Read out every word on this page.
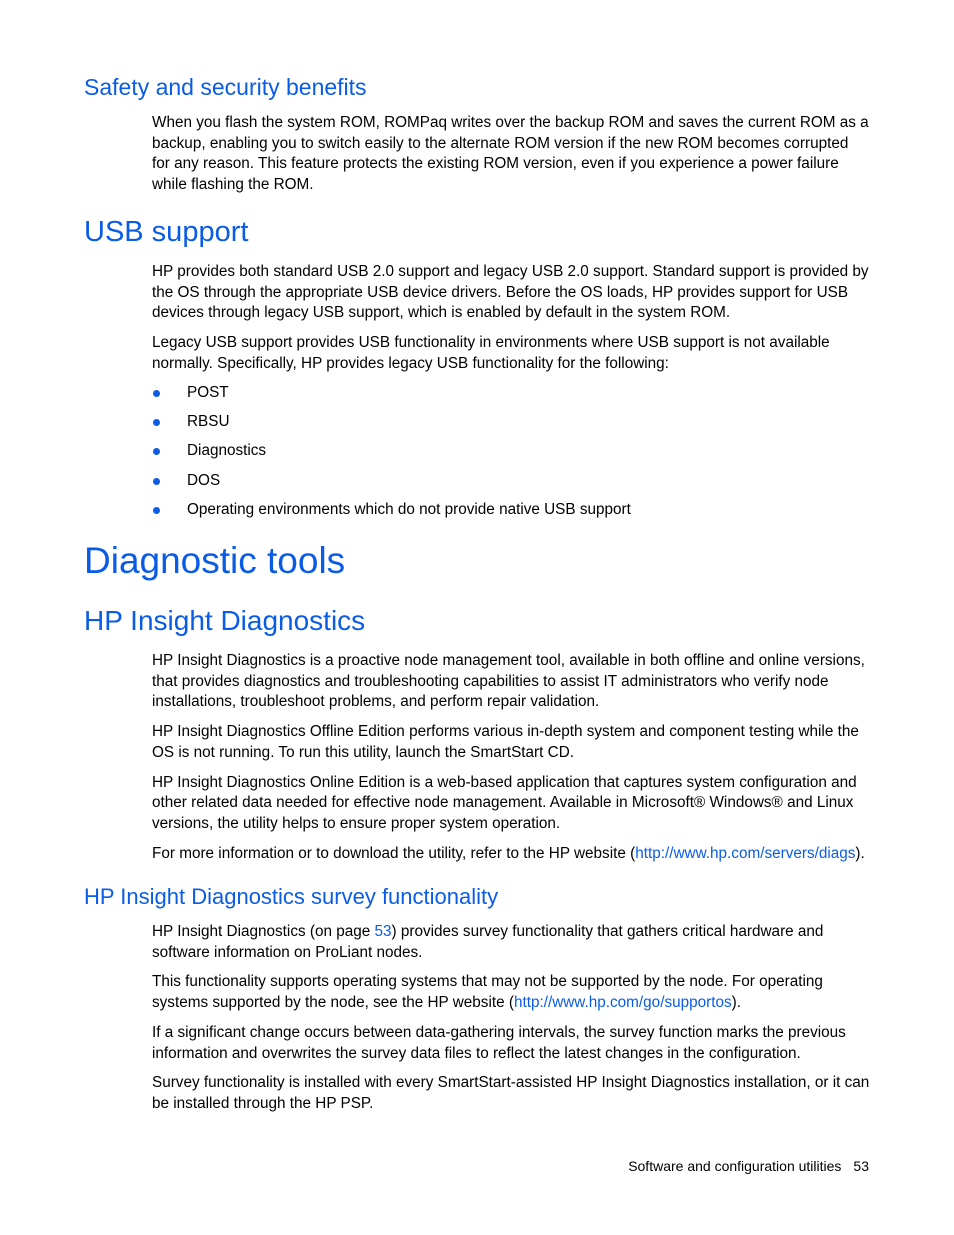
Safety and security benefits

When you flash the system ROM, ROMPaq writes over the backup ROM and saves the current ROM as a backup, enabling you to switch easily to the alternate ROM version if the new ROM becomes corrupted for any reason. This feature protects the existing ROM version, even if you experience a power failure while flashing the ROM.

USB support

HP provides both standard USB 2.0 support and legacy USB 2.0 support. Standard support is provided by the OS through the appropriate USB device drivers. Before the OS loads, HP provides support for USB devices through legacy USB support, which is enabled by default in the system ROM.

Legacy USB support provides USB functionality in environments where USB support is not available normally. Specifically, HP provides legacy USB functionality for the following:

POST
RBSU
Diagnostics
DOS
Operating environments which do not provide native USB support
Diagnostic tools
HP Insight Diagnostics

HP Insight Diagnostics is a proactive node management tool, available in both offline and online versions, that provides diagnostics and troubleshooting capabilities to assist IT administrators who verify node installations, troubleshoot problems, and perform repair validation.

HP Insight Diagnostics Offline Edition performs various in-depth system and component testing while the OS is not running. To run this utility, launch the SmartStart CD.

HP Insight Diagnostics Online Edition is a web-based application that captures system configuration and other related data needed for effective node management. Available in Microsoft® Windows® and Linux versions, the utility helps to ensure proper system operation.

For more information or to download the utility, refer to the HP website (http://www.hp.com/servers/diags).

HP Insight Diagnostics survey functionality

HP Insight Diagnostics (on page 53) provides survey functionality that gathers critical hardware and software information on ProLiant nodes.

This functionality supports operating systems that may not be supported by the node. For operating systems supported by the node, see the HP website (http://www.hp.com/go/supportos).

If a significant change occurs between data-gathering intervals, the survey function marks the previous information and overwrites the survey data files to reflect the latest changes in the configuration.

Survey functionality is installed with every SmartStart-assisted HP Insight Diagnostics installation, or it can be installed through the HP PSP.

Software and configuration utilities 53
